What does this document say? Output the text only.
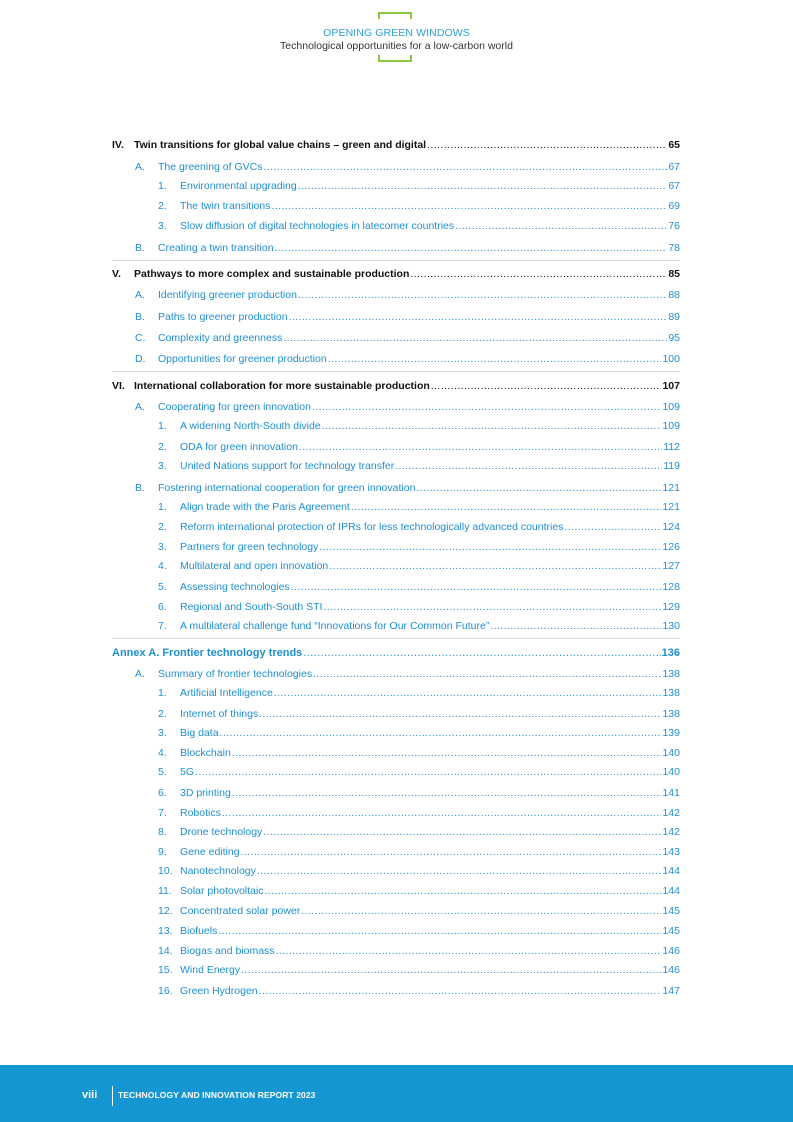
OPENING GREEN WINDOWS
Technological opportunities for a low-carbon world
IV. Twin transitions for global value chains – green and digital .....	65
A.	The greening of GVCs .....	67
1.	Environmental upgrading .....	67
2.	The twin transitions .....	69
3.	Slow diffusion of digital technologies in latecomer countries .....	76
B.	Creating a twin transition .....	78
V.	Pathways to more complex and sustainable production .....	85
A.	Identifying greener production .....	88
B.	Paths to greener production .....	89
C.	Complexity and greenness .....	95
D.	Opportunities for greener production .....	100
VI. International collaboration for more sustainable production .....	107
A.	Cooperating for green innovation .....	109
1.	A widening North-South divide .....	109
2.	ODA for green innovation .....	112
3.	United Nations support for technology transfer .....	119
B.	Fostering international cooperation for green innovation .....	121
1.	Align trade with the Paris Agreement .....	121
2.	Reform international protection of IPRs for less technologically advanced countries .....	124
3.	Partners for green technology .....	126
4.	Multilateral and open innovation .....	127
5.	Assessing technologies .....	128
6.	Regional and South-South STI .....	129
7.	A multilateral challenge fund “Innovations for Our Common Future” .....	130
Annex A. Frontier technology trends .....	136
A.	Summary of frontier technologies .....	138
1.	Artificial Intelligence .....	138
2.	Internet of things .....	138
3.	Big data .....	139
4.	Blockchain .....	140
5.	5G .....	140
6.	3D printing .....	141
7.	Robotics .....	142
8.	Drone technology .....	142
9.	Gene editing .....	143
10. Nanotechnology .....	144
11. Solar photovoltaic .....	144
12. Concentrated solar power .....	145
13. Biofuels .....	145
14. Biogas and biomass .....	146
15. Wind Energy .....	146
16. Green Hydrogen .....	147
viii TECHNOLOGY AND INNOVATION REPORT 2023
